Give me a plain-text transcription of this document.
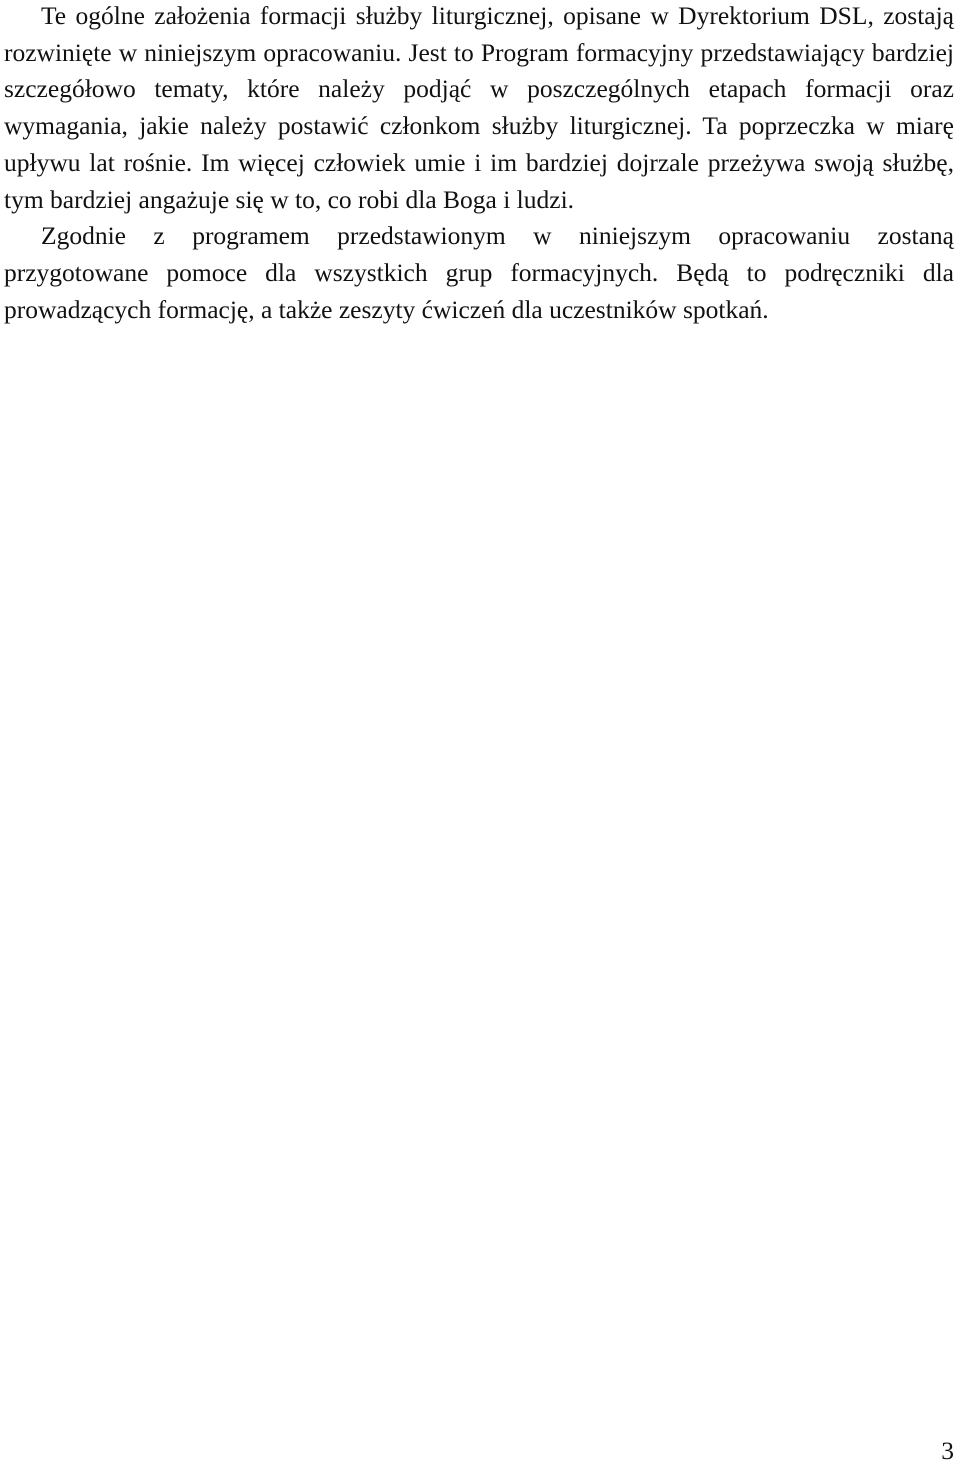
Te ogólne założenia formacji służby liturgicznej, opisane w Dyrektorium DSL, zostają rozwinięte w niniejszym opracowaniu. Jest to Program formacyjny przedstawiający bardziej szczegółowo tematy, które należy podjąć w poszczególnych etapach formacji oraz wymagania, jakie należy postawić członkom służby liturgicznej. Ta poprzeczka w miarę upływu lat rośnie. Im więcej człowiek umie i im bardziej dojrzale przeżywa swoją służbę, tym bardziej angażuje się w to, co robi dla Boga i ludzi.

Zgodnie z programem przedstawionym w niniejszym opracowaniu zostaną przygotowane pomoce dla wszystkich grup formacyjnych. Będą to podręczniki dla prowadzących formację, a także zeszyty ćwiczeń dla uczestników spotkań.

3
